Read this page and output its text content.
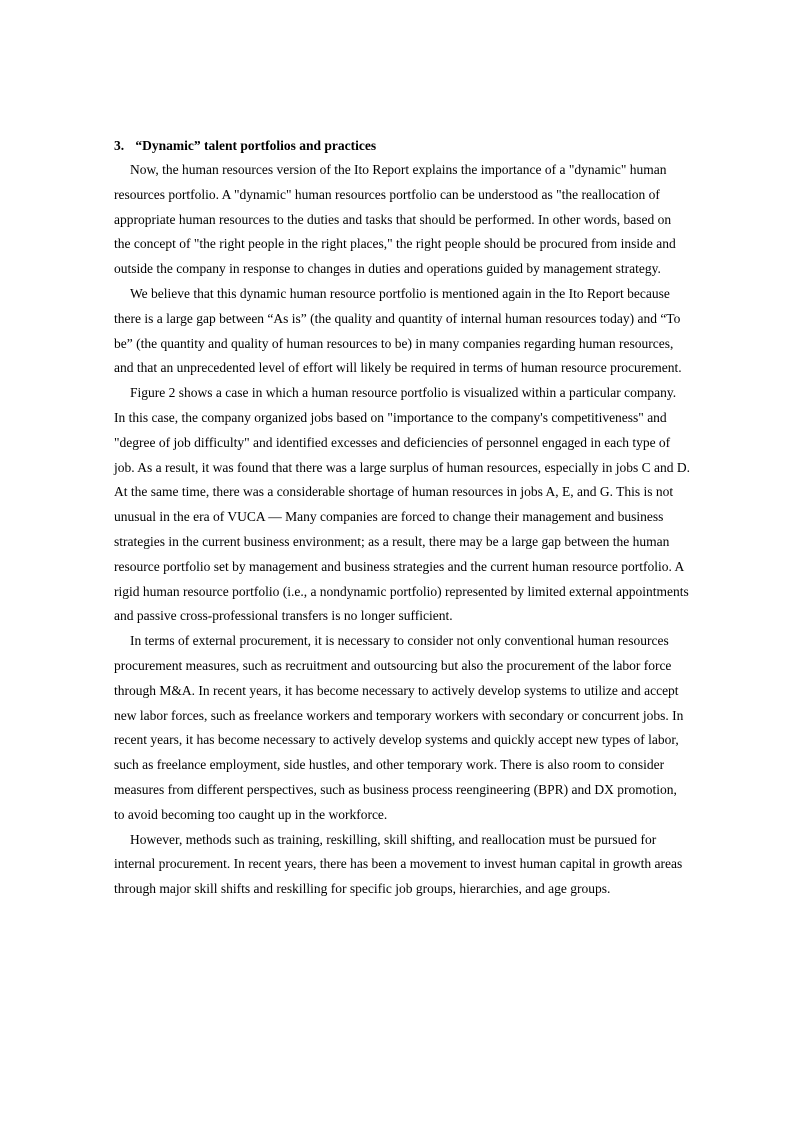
3. “Dynamic” talent portfolios and practices

Now, the human resources version of the Ito Report explains the importance of a "dynamic" human resources portfolio. A "dynamic" human resources portfolio can be understood as "the reallocation of appropriate human resources to the duties and tasks that should be performed. In other words, based on the concept of "the right people in the right places," the right people should be procured from inside and outside the company in response to changes in duties and operations guided by management strategy.

We believe that this dynamic human resource portfolio is mentioned again in the Ito Report because there is a large gap between “As is” (the quality and quantity of internal human resources today) and “To be” (the quantity and quality of human resources to be) in many companies regarding human resources, and that an unprecedented level of effort will likely be required in terms of human resource procurement.

Figure 2 shows a case in which a human resource portfolio is visualized within a particular company. In this case, the company organized jobs based on "importance to the company's competitiveness" and "degree of job difficulty" and identified excesses and deficiencies of personnel engaged in each type of job. As a result, it was found that there was a large surplus of human resources, especially in jobs C and D. At the same time, there was a considerable shortage of human resources in jobs A, E, and G. This is not unusual in the era of VUCA — Many companies are forced to change their management and business strategies in the current business environment; as a result, there may be a large gap between the human resource portfolio set by management and business strategies and the current human resource portfolio. A rigid human resource portfolio (i.e., a nondynamic portfolio) represented by limited external appointments and passive cross-professional transfers is no longer sufficient.

In terms of external procurement, it is necessary to consider not only conventional human resources procurement measures, such as recruitment and outsourcing but also the procurement of the labor force through M&A. In recent years, it has become necessary to actively develop systems to utilize and accept new labor forces, such as freelance workers and temporary workers with secondary or concurrent jobs. In recent years, it has become necessary to actively develop systems and quickly accept new types of labor, such as freelance employment, side hustles, and other temporary work. There is also room to consider measures from different perspectives, such as business process reengineering (BPR) and DX promotion, to avoid becoming too caught up in the workforce.

However, methods such as training, reskilling, skill shifting, and reallocation must be pursued for internal procurement. In recent years, there has been a movement to invest human capital in growth areas through major skill shifts and reskilling for specific job groups, hierarchies, and age groups.
